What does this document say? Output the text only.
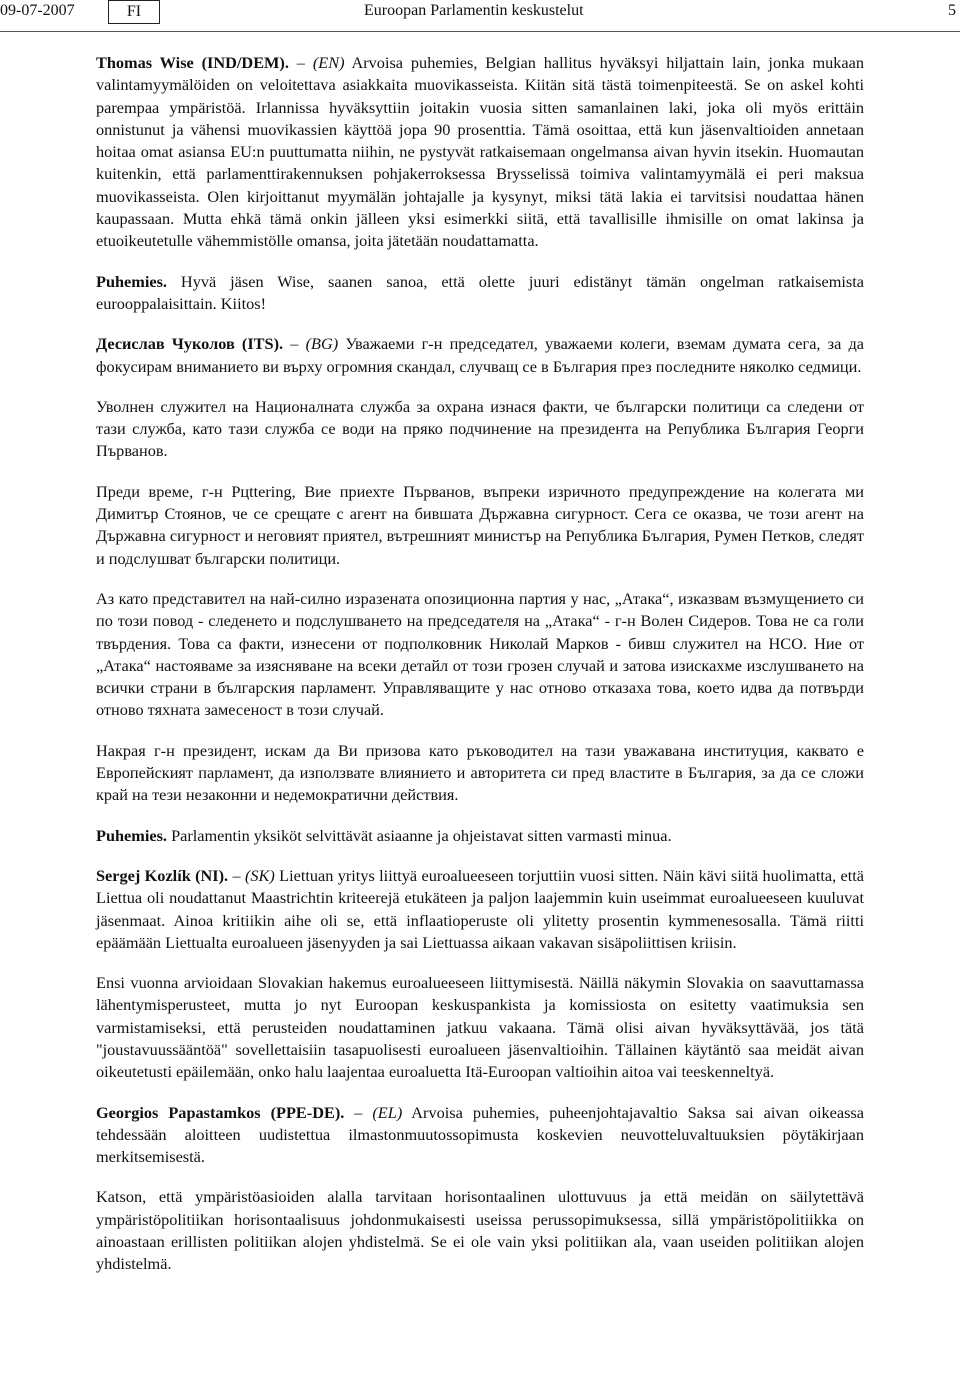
09-07-2007	FI	Euroopan Parlamentin keskustelut	5

Thomas Wise (IND/DEM). – (EN) Arvoisa puhemies, Belgian hallitus hyväksyi hiljattain lain, jonka mukaan valintamyymälöiden on veloitettava asiakkaita muovikasseista. Kiitän sitä tästä toimenpiteestä. Se on askel kohti parempaa ympäristöä. Irlannissa hyväksyttiin joitakin vuosia sitten samanlainen laki, joka oli myös erittäin onnistunut ja vähensi muovikassien käyttöä jopa 90 prosenttia. Tämä osoittaa, että kun jäsenvaltioiden annetaan hoitaa omat asiansa EU:n puuttumatta niihin, ne pystyvät ratkaisemaan ongelmansa aivan hyvin itsekin. Huomautan kuitenkin, että parlamenttirakennuksen pohjakerroksessa Brysselissä toimiva valintamyymälä ei peri maksua muovikasseista. Olen kirjoittanut myymälän johtajalle ja kysynyt, miksi tätä lakia ei tarvitsisi noudattaa hänen kaupassaan. Mutta ehkä tämä onkin jälleen yksi esimerkki siitä, että tavallisille ihmisille on omat lakinsa ja etuoikeutetulle vähemmistölle omansa, joita jätetään noudattamatta.

Puhemies. Hyvä jäsen Wise, saanen sanoa, että olette juuri edistänyt tämän ongelman ratkaisemista eurooppalaisittain. Kiitos!

Десислав Чуколов (ITS). – (BG) Уважаеми г-н председател, уважаеми колеги, вземам думата сега, за да фокусирам вниманието ви върху огромния скандал, случващ се в България през последните няколко седмици.

Уволнен служител на Националната служба за охрана изнася факти, че български политици са следени от тази служба, като тази служба се води на пряко подчинение на президента на Република България Георги Първанов.

Преди време, г-н Pцttering, Вие приехте Първанов, въпреки изричното предупреждение на колегата ми Димитър Стоянов, че се срещате с агент на бившата Държавна сигурност. Сега се оказва, че този агент на Държавна сигурност и неговият приятел, вътрешният министър на Република България, Румен Петков, следят и подслушват български политици.

Аз като представител на най-силно изразената опозиционна партия у нас, „Атака“, изказвам възмущението си по този повод - следенето и подслушването на председателя на „Атака“ - г-н Волен Сидеров. Това не са голи твърдения. Това са факти, изнесени от подполковник Николай Марков - бивш служител на НСО. Ние от „Атака“ настояваме за изясняване на всеки детайл от този грозен случай и затова изискахме изслушването на всички страни в българския парламент. Управляващите у нас отново отказаха това, което идва да потвърди отново тяхната замесеност в този случай.

Накрая г-н президент, искам да Ви призова като ръководител на тази уважавана институция, каквато е Европейският парламент, да използвате влиянието и авторитета си пред властите в България, за да се сложи край на тези незаконни и недемократични действия.

Puhemies. Parlamentin yksiköt selvittävät asiaanne ja ohjeistavat sitten varmasti minua.

Sergej Kozlík (NI). – (SK) Liettuan yritys liittyä euroalueeseen torjuttiin vuosi sitten. Näin kävi siitä huolimatta, että Liettua oli noudattanut Maastrichtin kriteerejä etukäteen ja paljon laajemmin kuin useimmat euroalueeseen kuuluvat jäsenmaat. Ainoa kritiikin aihe oli se, että inflaatioperuste oli ylitetty prosentin kymmenesosalla. Tämä riitti epäämään Liettualta euroalueen jäsenyyden ja sai Liettuassa aikaan vakavan sisäpoliittisen kriisin.

Ensi vuonna arvioidaan Slovakian hakemus euroalueeseen liittymisestä. Näillä näkymin Slovakia on saavuttamassa lähentymisperusteet, mutta jo nyt Euroopan keskuspankista ja komissiosta on esitetty vaatimuksia sen varmistamiseksi, että perusteiden noudattaminen jatkuu vakaana. Tämä olisi aivan hyväksyttävää, jos tätä "joustavuussääntöä" sovellettaisiin tasapuolisesti euroalueen jäsenvaltioihin. Tällainen käytäntö saa meidät aivan oikeutetusti epäilemään, onko halu laajentaa euroaluetta Itä-Euroopan valtioihin aitoa vai teeskenneltyä.

Georgios Papastamkos (PPE-DE). – (EL) Arvoisa puhemies, puheenjohtajavaltio Saksa sai aivan oikeassa tehdessään aloitteen uudistettua ilmastonmuutossopimusta koskevien neuvotteluvaltuuksien pöytäkirjaan merkitsemisestä.

Katson, että ympäristöasioiden alalla tarvitaan horisontaalinen ulottuvuus ja että meidän on säilytettävä ympäristöpolitiikan horisontaalisuus johdonmukaisesti useissa perussopimuksessa, sillä ympäristöpolitiikka on ainoastaan erillisten politiikan alojen yhdistelmä. Se ei ole vain yksi politiikan ala, vaan useiden politiikan alojen yhdistelmä.
